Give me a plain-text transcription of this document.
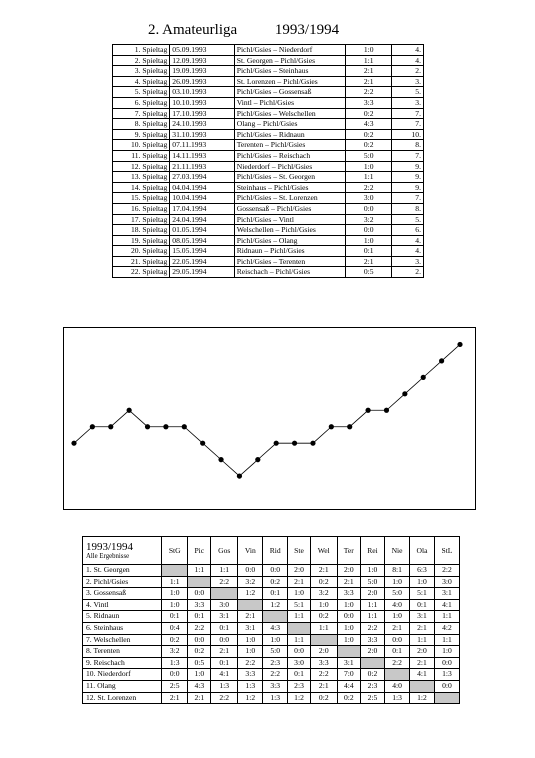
2. Amateurliga	1993/1994
1. Spieltag	05.09.1993	Pichl/Gsies – Niederdorf	1:0	4.
2. Spieltag	12.09.1993	St. Georgen – Pichl/Gsies	1:1	4.
3. Spieltag	19.09.1993	Pichl/Gsies – Steinhaus	2:1	2.
4. Spieltag	26.09.1993	St. Lorenzen – Pichl/Gsies	2:1	3.
5. Spieltag	03.10.1993	Pichl/Gsies – Gossensaß	2:2	5.
6. Spieltag	10.10.1993	Vintl – Pichl/Gsies	3:3	3.
7. Spieltag	17.10.1993	Pichl/Gsies – Welschellen	0:2	7.
8. Spieltag	24.10.1993	Olang – Pichl/Gsies	4:3	7.
9. Spieltag	31.10.1993	Pichl/Gsies – Ridnaun	0:2	10.
10. Spieltag	07.11.1993	Terenten – Pichl/Gsies	0:2	8.
11. Spieltag	14.11.1993	Pichl/Gsies – Reischach	5:0	7.
12. Spieltag	21.11.1993	Niederdorf – Pichl/Gsies	1:0	9.
13. Spieltag	27.03.1994	Pichl/Gsies – St. Georgen	1:1	9.
14. Spieltag	04.04.1994	Steinhaus – Pichl/Gsies	2:2	9.
15. Spieltag	10.04.1994	Pichl/Gsies – St. Lorenzen	3:0	7.
16. Spieltag	17.04.1994	Gossensaß – Pichl/Gsies	0:0	8.
17. Spieltag	24.04.1994	Pichl/Gsies – Vintl	3:2	5.
18. Spieltag	01.05.1994	Welschellen – Pichl/Gsies	0:0	6.
19. Spieltag	08.05.1994	Pichl/Gsies – Olang	1:0	4.
20. Spieltag	15.05.1994	Ridnaun – Pichl/Gsies	0:1	4.
21. Spieltag	22.05.1994	Pichl/Gsies – Terenten	2:1	3.
22. Spieltag	29.05.1994	Reischach – Pichl/Gsies	0:5	2.
1993/1994
Alle Ergebnisse	StG	Pic	Gos	Vin	Rid	Ste	Wel	Ter	Rei	Nie	Ola	StL
1. St. Georgen		1:1	1:1	0:0	0:0	2:0	2:1	2:0	1:0	8:1	6:3	2:2
2. Pichl/Gsies	1:1		2:2	3:2	0:2	2:1	0:2	2:1	5:0	1:0	1:0	3:0
3. Gossensaß	1:0	0:0		1:2	0:1	1:0	3:2	3:3	2:0	5:0	5:1	3:1
4. Vintl	1:0	3:3	3:0		1:2	5:1	1:0	1:0	1:1	4:0	0:1	4:1
5. Ridnaun	0:1	0:1	3:1	2:1		1:1	0:2	0:0	1:1	1:0	3:1	1:1
6. Steinhaus	0:4	2:2	0:1	3:1	4:3		1:1	1:0	2:2	2:1	2:1	4:2
7. Welschellen	0:2	0:0	0:0	1:0	1:0	1:1		1:0	3:3	0:0	1:1	1:1
8. Terenten	3:2	0:2	2:1	1:0	5:0	0:0	2:0		2:0	0:1	2:0	1:0
9. Reischach	1:3	0:5	0:1	2:2	2:3	3:0	3:3	3:1		2:2	2:1	0:0
10. Niederdorf	0:0	1:0	4:1	3:3	2:2	0:1	2:2	7:0	0:2		4:1	1:3
11. Olang	2:5	4:3	1:3	1:3	3:3	2:3	2:1	4:4	2:3	4:0		0:0
12. St. Lorenzen	2:1	2:1	2:2	1:2	1:3	1:2	0:2	0:2	2:5	1:3	1:2	
